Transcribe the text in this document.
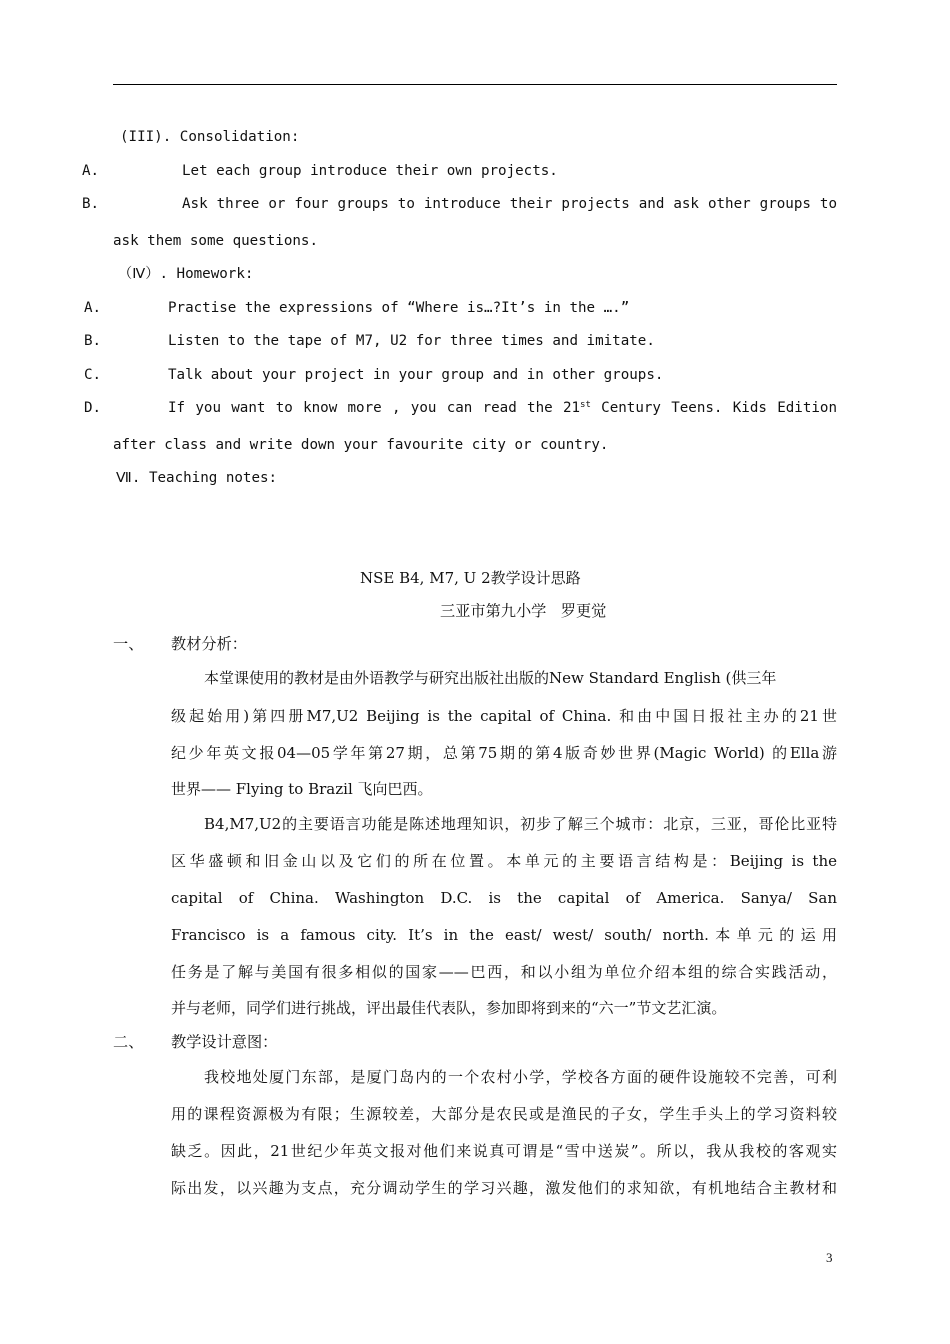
(III). Consolidation:
A.	Let each group introduce their own projects.
B.	Ask three or four groups to introduce their projects and ask other groups to
ask them some questions.
（Ⅳ）. Homework:
A.	Practise the expressions of “Where is…?It’s in the ….”
B.	Listen to the tape of M7, U2 for three times and imitate.
C.	Talk about your project in your group and in other groups.
D.	If you want to know more , you can read the 21st Century Teens. Kids Edition
after class and write down your favourite city or country.
Ⅶ. Teaching notes:
NSE B4, M7, U 2教学设计思路
三亚市第九小学   罗更觉
一、 教材分析：
本堂课使用的教材是由外语教学与研究出版社出版的New Standard English (供三年
级起始用)第四册M7,U2 Beijing is the capital of China. 和由中国日报社主办的21世
纪少年英文报04—05学年第27期，总第75期的第4版奇妙世界(Magic World) 的Ella游
世界—— Flying to Brazil 飞向巴西。
B4,M7,U2的主要语言功能是陈述地理知识，初步了解三个城市：北京，三亚，哥伦比亚特
区华盛顿和旧金山以及它们的所在位置。本单元的主要语言结构是：Beijing is the
capital of China. Washington D.C. is the capital of America. Sanya/ San
Francisco is a famous city. It’s in the east/ west/ south/ north.本单元的运用
任务是了解与美国有很多相似的国家——巴西，和以小组为单位介绍本组的综合实践活动，
并与老师，同学们进行挑战，评出最佳代表队，参加即将到来的“六一”节文艺汇演。
二、 教学设计意图：
我校地处厦门东部，是厦门岛内的一个农村小学，学校各方面的硬件设施较不完善，可利
用的课程资源极为有限；生源较差，大部分是农民或是渔民的子女，学生手头上的学习资料较
缺乏。因此，21世纪少年英文报对他们来说真可谓是“雪中送炭”。所以，我从我校的客观实
际出发，以兴趣为支点，充分调动学生的学习兴趣，激发他们的求知欲，有机地结合主教材和
3
